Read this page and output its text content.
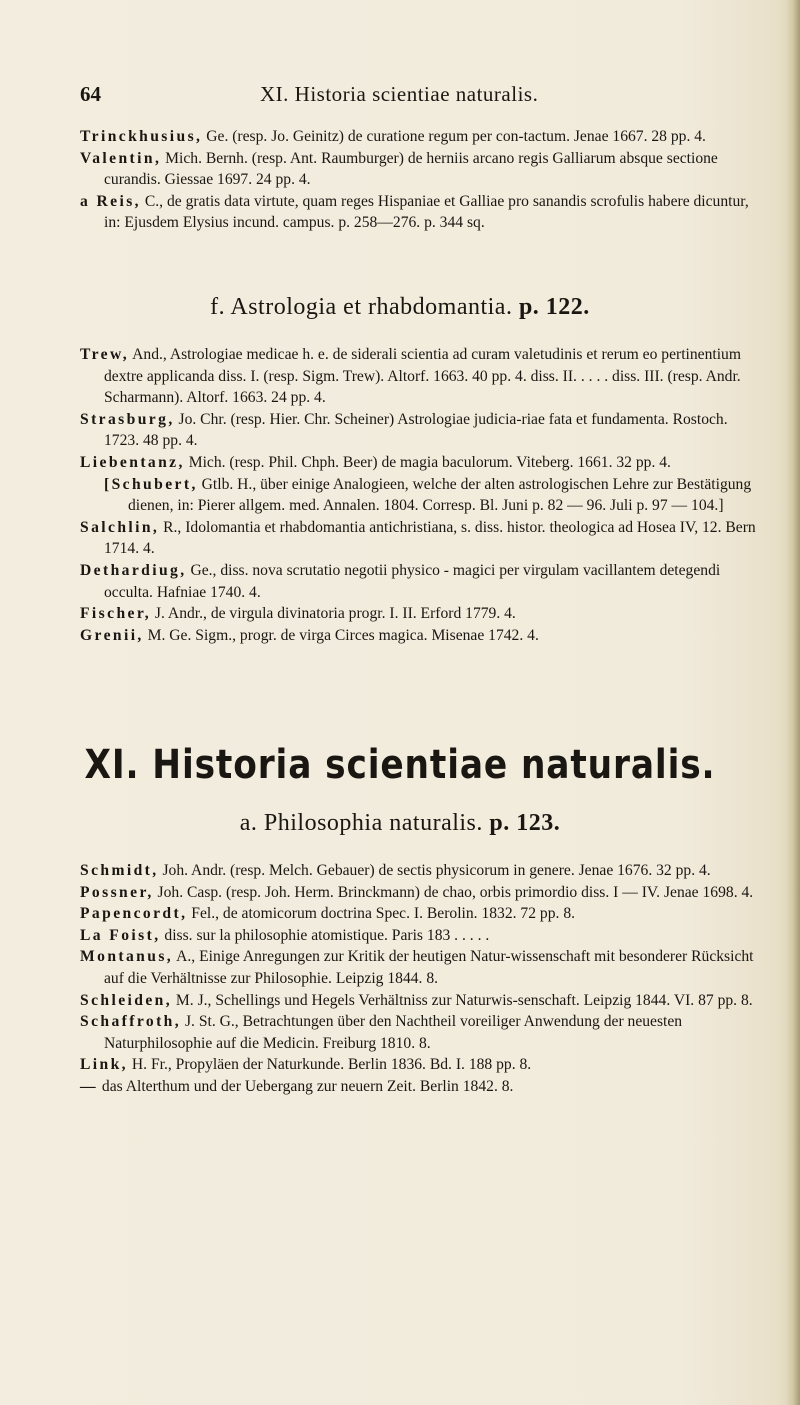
64	XI. Historia scientiae naturalis.

Trinckhusius, Ge. (resp. Jo. Geinitz) de curatione regum per con-tactum. Jenae 1667. 28 pp. 4.

Valentin, Mich. Bernh. (resp. Ant. Raumburger) de herniis arcano regis Galliarum absque sectione curandis. Giessae 1697. 24 pp. 4.

a Reis, C., de gratis data virtute, quam reges Hispaniae et Galliae pro sanandis scrofulis habere dicuntur, in: Ejusdem Elysius incund. campus. p. 258—276. p. 344 sq.

f. Astrologia et rhabdomantia. p. 122.

Trew, And., Astrologiae medicae h. e. de siderali scientia ad curam valetudinis et rerum eo pertinentium dextre applicanda diss. I. (resp. Sigm. Trew). Altorf. 1663. 40 pp. 4. diss. II. . . . . diss. III. (resp. Andr. Scharmann). Altorf. 1663. 24 pp. 4.

Strasburg, Jo. Chr. (resp. Hier. Chr. Scheiner) Astrologiae judicia-riae fata et fundamenta. Rostoch. 1723. 48 pp. 4.

Liebentanz, Mich. (resp. Phil. Chph. Beer) de magia baculorum. Viteberg. 1661. 32 pp. 4.

[Schubert, Gtlb. H., über einige Analogieen, welche der alten astrologischen Lehre zur Bestätigung dienen, in: Pierer allgem. med. Annalen. 1804. Corresp. Bl. Juni p. 82 — 96. Juli p. 97 — 104.]

Salchlin, R., Idolomantia et rhabdomantia antichristiana, s. diss. histor. theologica ad Hosea IV, 12. Bern 1714. 4.

Dethardiug, Ge., diss. nova scrutatio negotii physico - magici per virgulam vacillantem detegendi occulta. Hafniae 1740. 4.

Fischer, J. Andr., de virgula divinatoria progr. I. II. Erford 1779. 4.

Grenii, M. Ge. Sigm., progr. de virga Circes magica. Misenae 1742. 4.

XI. Historia scientiae naturalis.
a. Philosophia naturalis. p. 123.

Schmidt, Joh. Andr. (resp. Melch. Gebauer) de sectis physicorum in genere. Jenae 1676. 32 pp. 4.

Possner, Joh. Casp. (resp. Joh. Herm. Brinckmann) de chao, orbis primordio diss. I — IV. Jenae 1698. 4.

Papencordt, Fel., de atomicorum doctrina Spec. I. Berolin. 1832. 72 pp. 8.

La Foist, diss. sur la philosophie atomistique. Paris 183 . . . . .

Montanus, A., Einige Anregungen zur Kritik der heutigen Natur-wissenschaft mit besonderer Rücksicht auf die Verhältnisse zur Philosophie. Leipzig 1844. 8.

Schleiden, M. J., Schellings und Hegels Verhältniss zur Naturwis-senschaft. Leipzig 1844. VI. 87 pp. 8.

Schaffroth, J. St. G., Betrachtungen über den Nachtheil voreiliger Anwendung der neuesten Naturphilosophie auf die Medicin. Freiburg 1810. 8.

Link, H. Fr., Propyläen der Naturkunde. Berlin 1836. Bd. I. 188 pp. 8.

— das Alterthum und der Uebergang zur neuern Zeit. Berlin 1842. 8.
